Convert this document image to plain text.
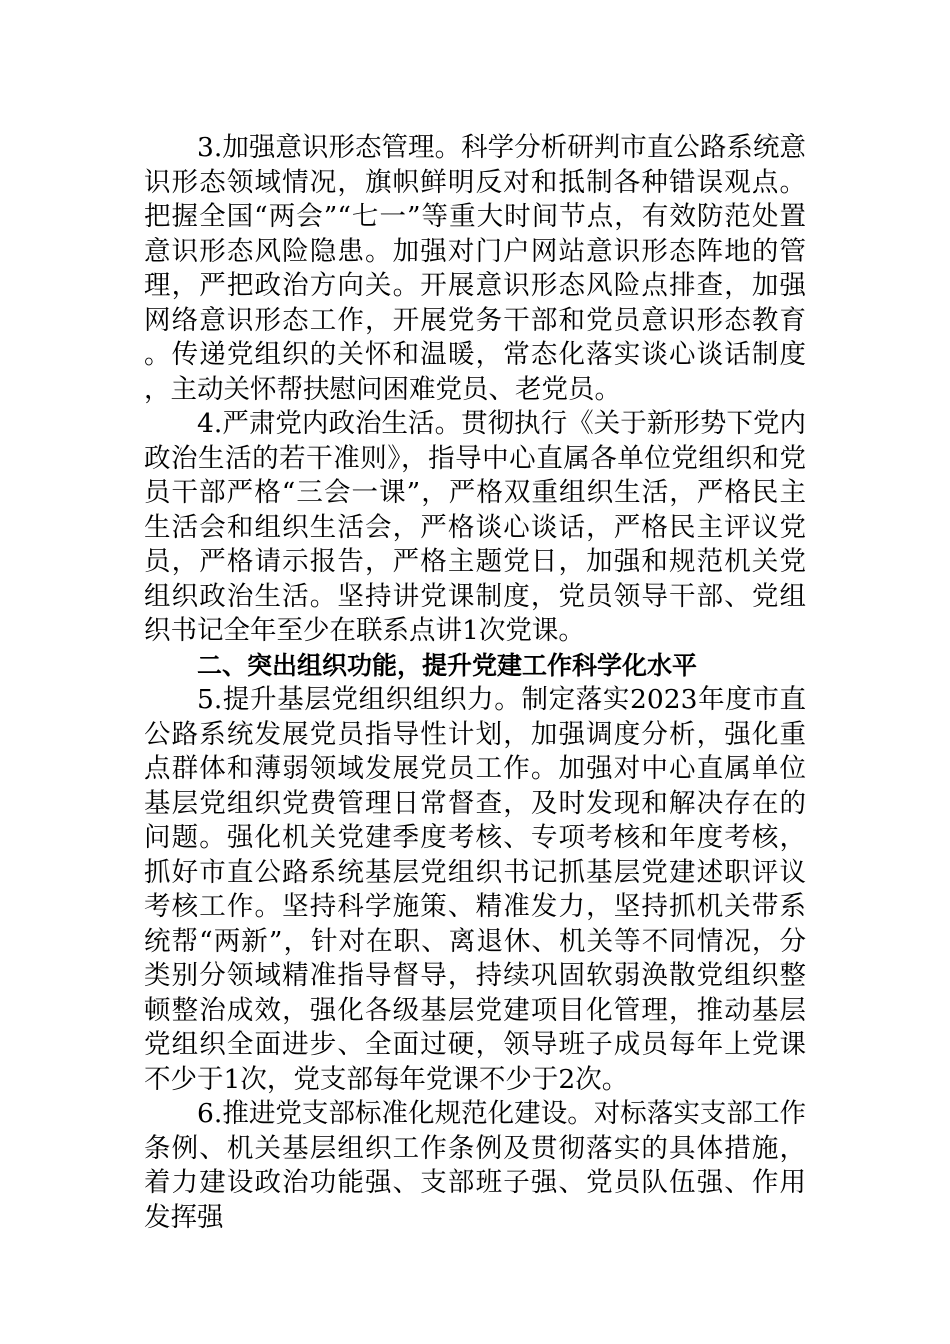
3.加强意识形态管理。科学分析研判市直公路系统意识形态领域情况，旗帜鲜明反对和抵制各种错误观点。把握全国“两会”“七一”等重大时间节点，有效防范处置意识形态风险隐患。加强对门户网站意识形态阵地的管理，严把政治方向关。开展意识形态风险点排查，加强网络意识形态工作，开展党务干部和党员意识形态教育。传递党组织的关怀和温暖，常态化落实谈心谈话制度，主动关怀帮扶慰问困难党员、老党员。

4.严肃党内政治生活。贯彻执行《关于新形势下党内政治生活的若干准则》，指导中心直属各单位党组织和党员干部严格“三会一课”，严格双重组织生活，严格民主生活会和组织生活会，严格谈心谈话，严格民主评议党员，严格请示报告，严格主题党日，加强和规范机关党组织政治生活。坚持讲党课制度，党员领导干部、党组织书记全年至少在联系点讲1次党课。

二、突出组织功能，提升党建工作科学化水平

5.提升基层党组织组织力。制定落实2023年度市直公路系统发展党员指导性计划，加强调度分析，强化重点群体和薄弱领域发展党员工作。加强对中心直属单位基层党组织党费管理日常督查，及时发现和解决存在的问题。强化机关党建季度考核、专项考核和年度考核，抓好市直公路系统基层党组织书记抓基层党建述职评议考核工作。坚持科学施策、精准发力，坚持抓机关带系统帮“两新”，针对在职、离退休、机关等不同情况，分类别分领域精准指导督导，持续巩固软弱涣散党组织整顿整治成效，强化各级基层党建项目化管理，推动基层党组织全面进步、全面过硬，领导班子成员每年上党课不少于1次，党支部每年党课不少于2次。

6.推进党支部标准化规范化建设。对标落实支部工作条例、机关基层组织工作条例及贯彻落实的具体措施，着力建设政治功能强、支部班子强、党员队伍强、作用发挥强
